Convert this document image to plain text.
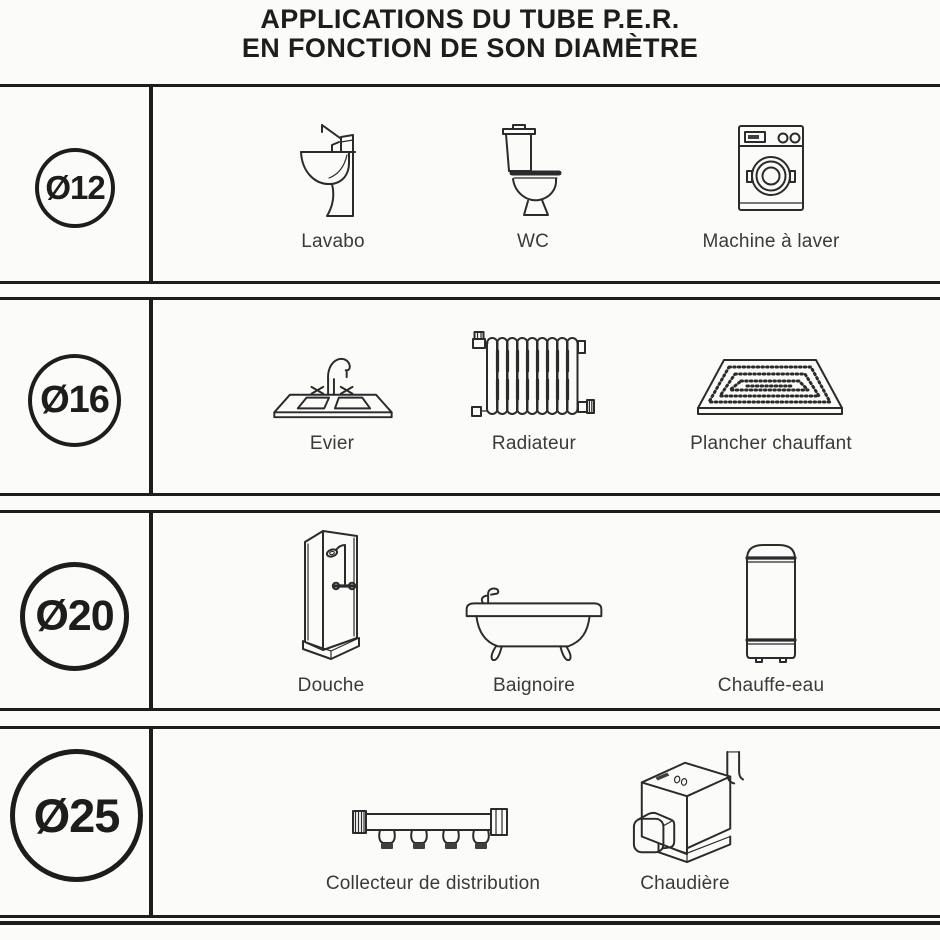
APPLICATIONS DU TUBE P.E.R.
EN FONCTION DE SON DIAMÈTRE
Ø12
Lavabo	WC	Machine à laver
Ø16
Evier	Radiateur	Plancher chauffant
Ø20
Douche	Baignoire	Chauffe-eau
Ø25
Collecteur de distribution	Chaudière
